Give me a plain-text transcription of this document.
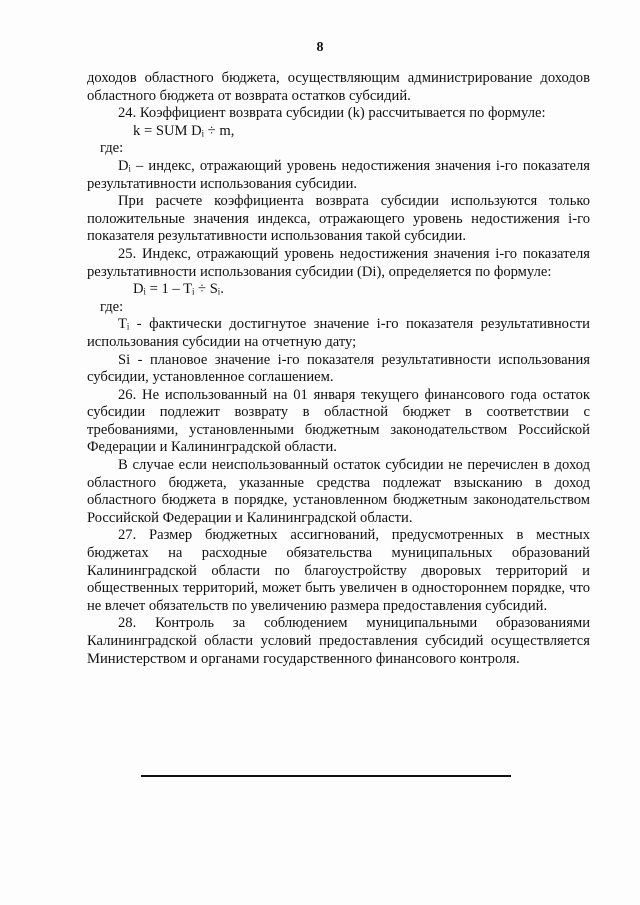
8

доходов областного бюджета, осуществляющим администрирование доходов областного бюджета от возврата остатков субсидий.

24. Коэффициент возврата субсидии (k) рассчитывается по формуле:

k = SUM Dᵢ ÷ m,

где:

Dᵢ – индекс, отражающий уровень недостижения значения i-го показателя результативности использования субсидии.

При расчете коэффициента возврата субсидии используются только положительные значения индекса, отражающего уровень недостижения i-го показателя результативности использования такой субсидии.

25. Индекс, отражающий уровень недостижения значения i-го показателя результативности использования субсидии (Di), определяется по формуле:

Dᵢ = 1 – Tᵢ ÷ Sᵢ.

где:

Tᵢ - фактически достигнутое значение i-го показателя результативности использования субсидии на отчетную дату;

Si - плановое значение i-го показателя результативности использования субсидии, установленное соглашением.

26. Не использованный на 01 января текущего финансового года остаток субсидии подлежит возврату в областной бюджет в соответствии с требованиями, установленными бюджетным законодательством Российской Федерации и Калининградской области.

В случае если неиспользованный остаток субсидии не перечислен в доход областного бюджета, указанные средства подлежат взысканию в доход областного бюджета в порядке, установленном бюджетным законодательством Российской Федерации и Калининградской области.

27. Размер бюджетных ассигнований, предусмотренных в местных бюджетах на расходные обязательства муниципальных образований Калининградской области по благоустройству дворовых территорий и общественных территорий, может быть увеличен в одностороннем порядке, что не влечет обязательств по увеличению размера предоставления субсидий.

28. Контроль за соблюдением муниципальными образованиями Калининградской области условий предоставления субсидий осуществляется Министерством и органами государственного финансового контроля.
